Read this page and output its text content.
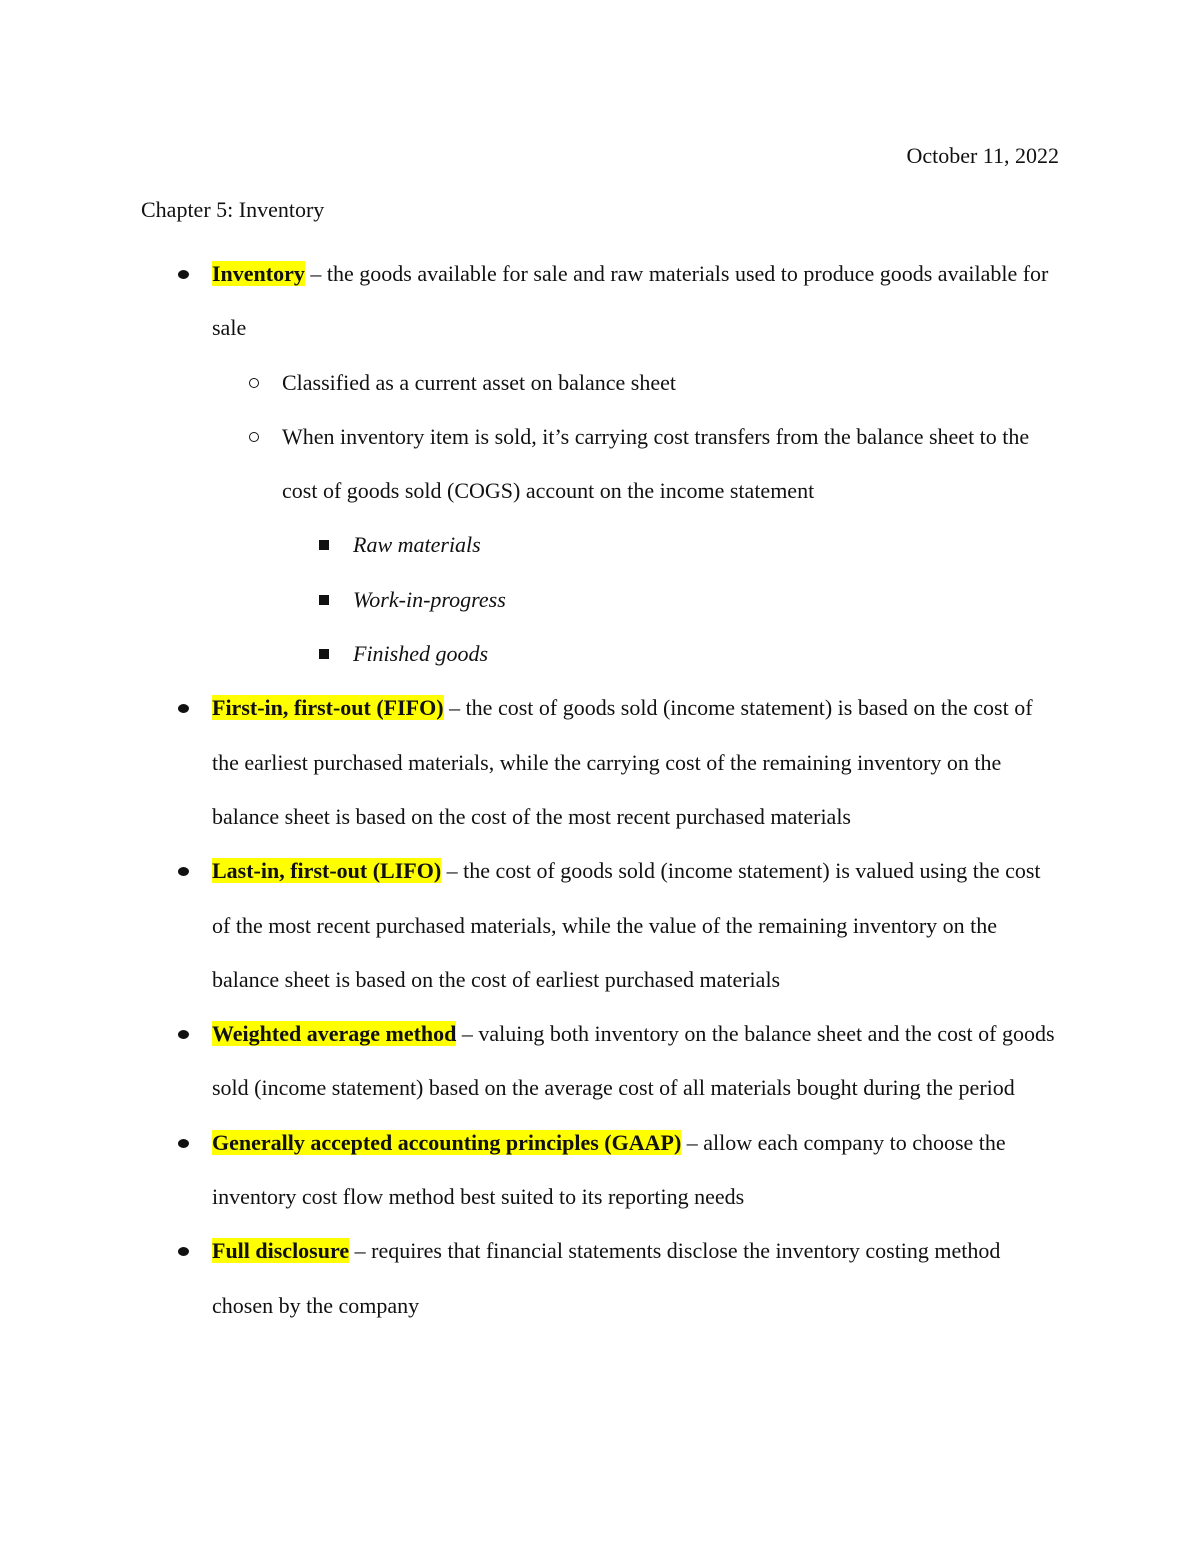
October 11, 2022
Chapter 5: Inventory
Inventory – the goods available for sale and raw materials used to produce goods available for sale
Classified as a current asset on balance sheet
When inventory item is sold, it’s carrying cost transfers from the balance sheet to the cost of goods sold (COGS) account on the income statement
Raw materials
Work-in-progress
Finished goods
First-in, first-out (FIFO) – the cost of goods sold (income statement) is based on the cost of the earliest purchased materials, while the carrying cost of the remaining inventory on the balance sheet is based on the cost of the most recent purchased materials
Last-in, first-out (LIFO) – the cost of goods sold (income statement) is valued using the cost of the most recent purchased materials, while the value of the remaining inventory on the balance sheet is based on the cost of earliest purchased materials
Weighted average method – valuing both inventory on the balance sheet and the cost of goods sold (income statement) based on the average cost of all materials bought during the period
Generally accepted accounting principles (GAAP) – allow each company to choose the inventory cost flow method best suited to its reporting needs
Full disclosure – requires that financial statements disclose the inventory costing method chosen by the company
